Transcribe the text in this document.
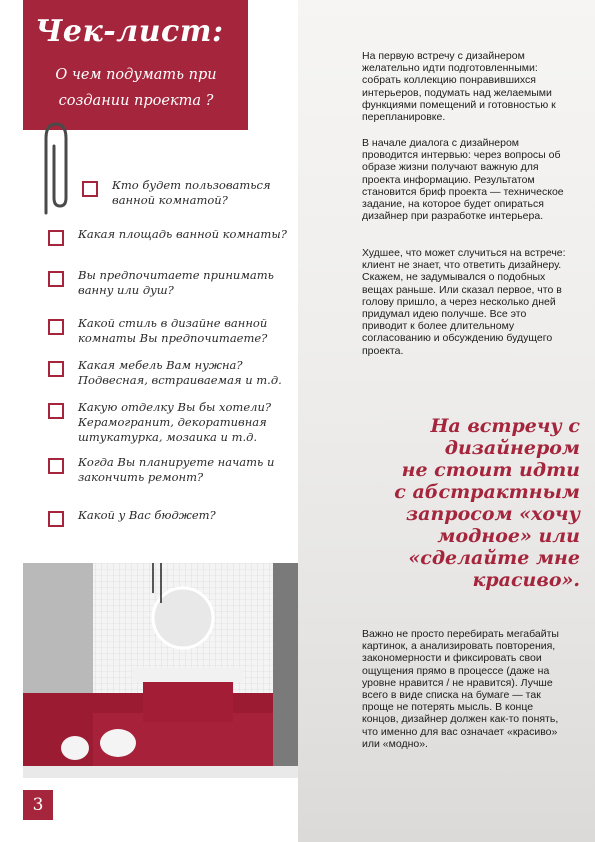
Чек-лист:
О чем подумать при
создании проекта ?
Кто будет пользоваться
ванной комнатой?
Какая площадь ванной комнаты?
Вы предпочитаете принимать
ванну или душ?
Какой стиль в дизайне ванной
комнаты Вы предпочитаете?
Какая мебель Вам нужна?
Подвесная, встраиваемая и т.д.
Какую отделку Вы бы хотели?
Керамогранит, декоративная
штукатурка, мозаика и т.д.
Когда Вы планируете начать и
закончить ремонт?
Какой у Вас бюджет?
3

На первую встречу с дизайнером желательно идти подготовленными: собрать коллекцию понравившихся интерьеров, подумать над желаемыми функциями помещений и готовностью к перепланировке.

В начале диалога с дизайнером проводится интервью: через вопросы об образе жизни получают важную для проекта информацию. Результатом становится бриф проекта — техническое задание, на которое будет опираться дизайнер при разработке интерьера.

Худшее, что может случиться на встрече: клиент не знает, что ответить дизайнеру. Скажем, не задумывался о подобных вещах раньше. Или сказал первое, что в голову пришло, а через несколько дней придумал идею получше. Все это приводит к более длительному согласованию и обсуждению будущего проекта.

На встречу с
дизайнером
не стоит идти
с абстрактным
запросом «хочу
модное» или
«сделайте мне
красиво».

Важно не просто перебирать мегабайты картинок, а анализировать повторения, закономерности и фиксировать свои ощущения прямо в процессе (даже на уровне нравится / не нравится). Лучше всего в виде списка на бумаге — так проще не потерять мысль. В конце концов, дизайнер должен как-то понять, что именно для вас означает «красиво» или «модно».
